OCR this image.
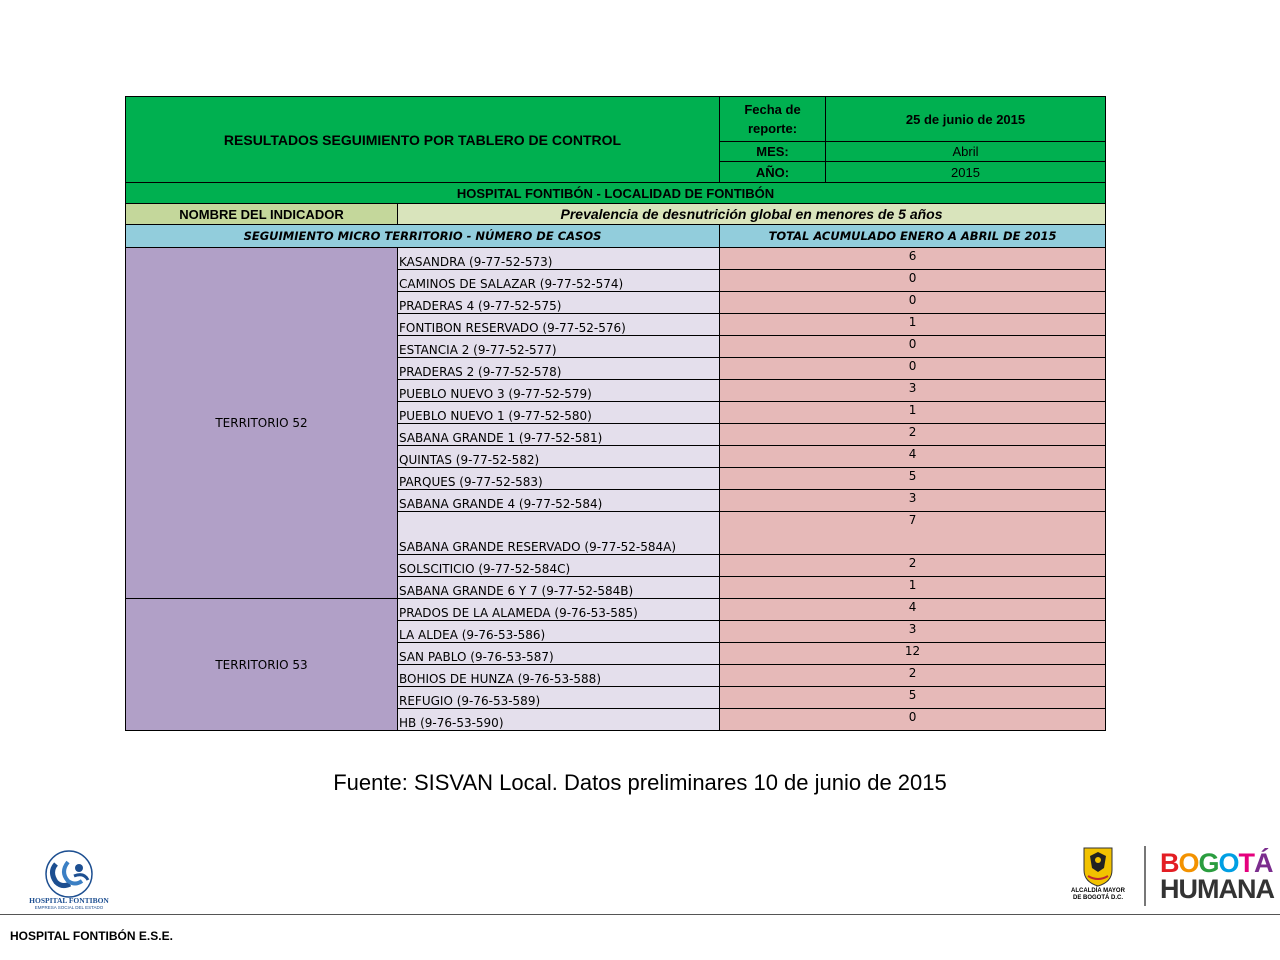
RESULTADOS SEGUIMIENTO POR TABLERO DE CONTROL		Fecha de reporte:	25 de junio de 2015
		MES:	Abril
		AÑO:	2015
HOSPITAL FONTIBÓN - LOCALIDAD DE FONTIBÓN			
NOMBRE DEL INDICADOR	Prevalencia de desnutrición global en menores de 5 años		
SEGUIMIENTO MICRO TERRITORIO - NÚMERO DE CASOS		TOTAL ACUMULADO ENERO A ABRIL DE 2015	
TERRITORIO 52	KASANDRA (9-77-52-573)	6	
	CAMINOS DE SALAZAR (9-77-52-574)	0	
	PRADERAS 4 (9-77-52-575)	0	
	FONTIBON RESERVADO (9-77-52-576)	1	
	ESTANCIA 2 (9-77-52-577)	0	
	PRADERAS 2 (9-77-52-578)	0	
	PUEBLO NUEVO 3 (9-77-52-579)	3	
	PUEBLO NUEVO 1 (9-77-52-580)	1	
	SABANA GRANDE 1 (9-77-52-581)	2	
	QUINTAS (9-77-52-582)	4	
	PARQUES (9-77-52-583)	5	
	SABANA GRANDE 4 (9-77-52-584)	3	
	SABANA GRANDE RESERVADO (9-77-52-584A)	7	
	SOLSCITICIO (9-77-52-584C)	2	
	SABANA GRANDE 6 Y 7 (9-77-52-584B)	1	
TERRITORIO 53	PRADOS DE LA ALAMEDA (9-76-53-585)	4	
	LA ALDEA (9-76-53-586)	3	
	SAN PABLO (9-76-53-587)	12	
	BOHIOS DE HUNZA (9-76-53-588)	2	
	REFUGIO (9-76-53-589)	5	
	HB (9-76-53-590)	0	
Fuente: SISVAN Local. Datos preliminares 10 de junio de 2015
HOSPITAL FONTIBON
EMPRESA SOCIAL DEL ESTADO
ALCALDÍA MAYOR
DE BOGOTÁ D.C.
BOGOTÁ
HUMANA
HOSPITAL FONTIBÓN E.S.E.
